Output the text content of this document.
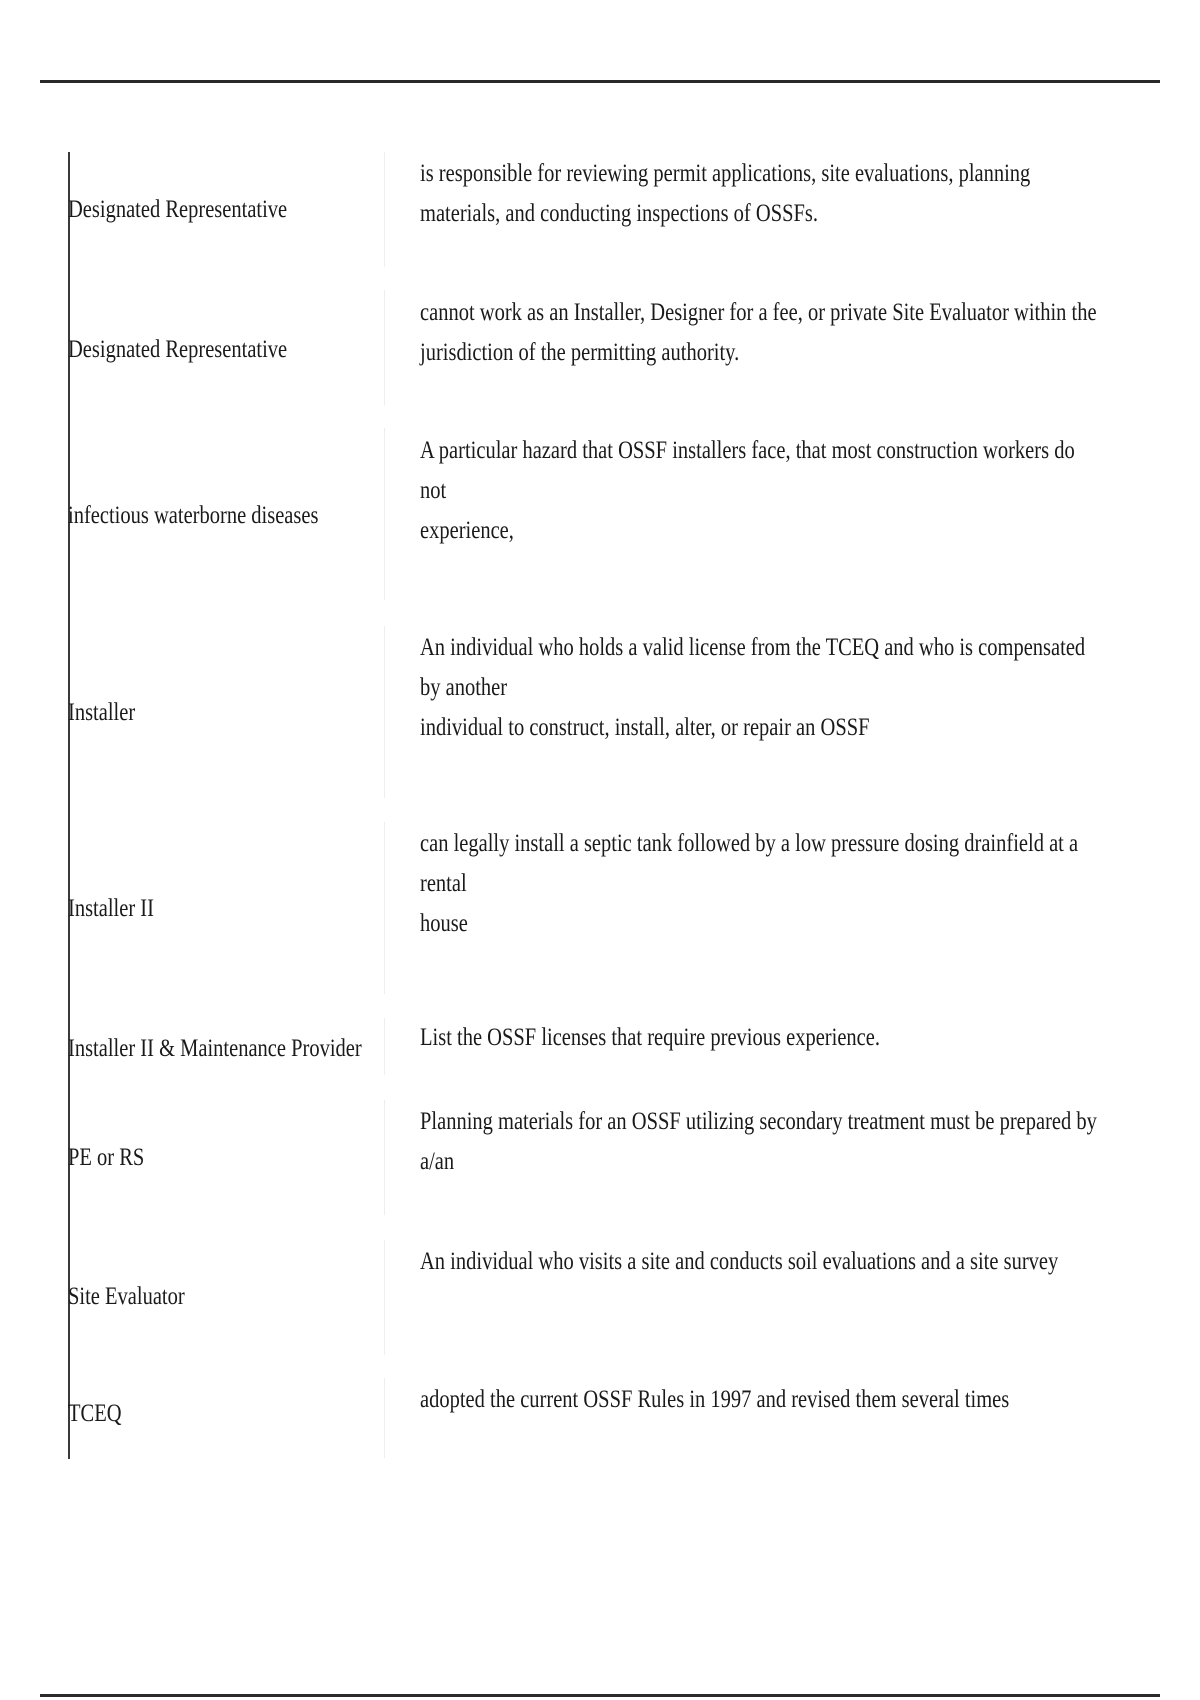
Designated Representative
is responsible for reviewing permit applications, site evaluations, planning
materials, and conducting inspections of OSSFs.
Designated Representative
cannot work as an Installer, Designer for a fee, or private Site Evaluator within the
jurisdiction of the permitting authority.
infectious waterborne diseases
A particular hazard that OSSF installers face, that most construction workers do
not
experience,
Installer
An individual who holds a valid license from the TCEQ and who is compensated
by another
individual to construct, install, alter, or repair an OSSF
Installer II
can legally install a septic tank followed by a low pressure dosing drainfield at a
rental
house
Installer II & Maintenance Provider List the OSSF licenses that require previous experience.
PE or RS
Planning materials for an OSSF utilizing secondary treatment must be prepared by
a/an
Site Evaluator
An individual who visits a site and conducts soil evaluations and a site survey
TCEQ
adopted the current OSSF Rules in 1997 and revised them several times
